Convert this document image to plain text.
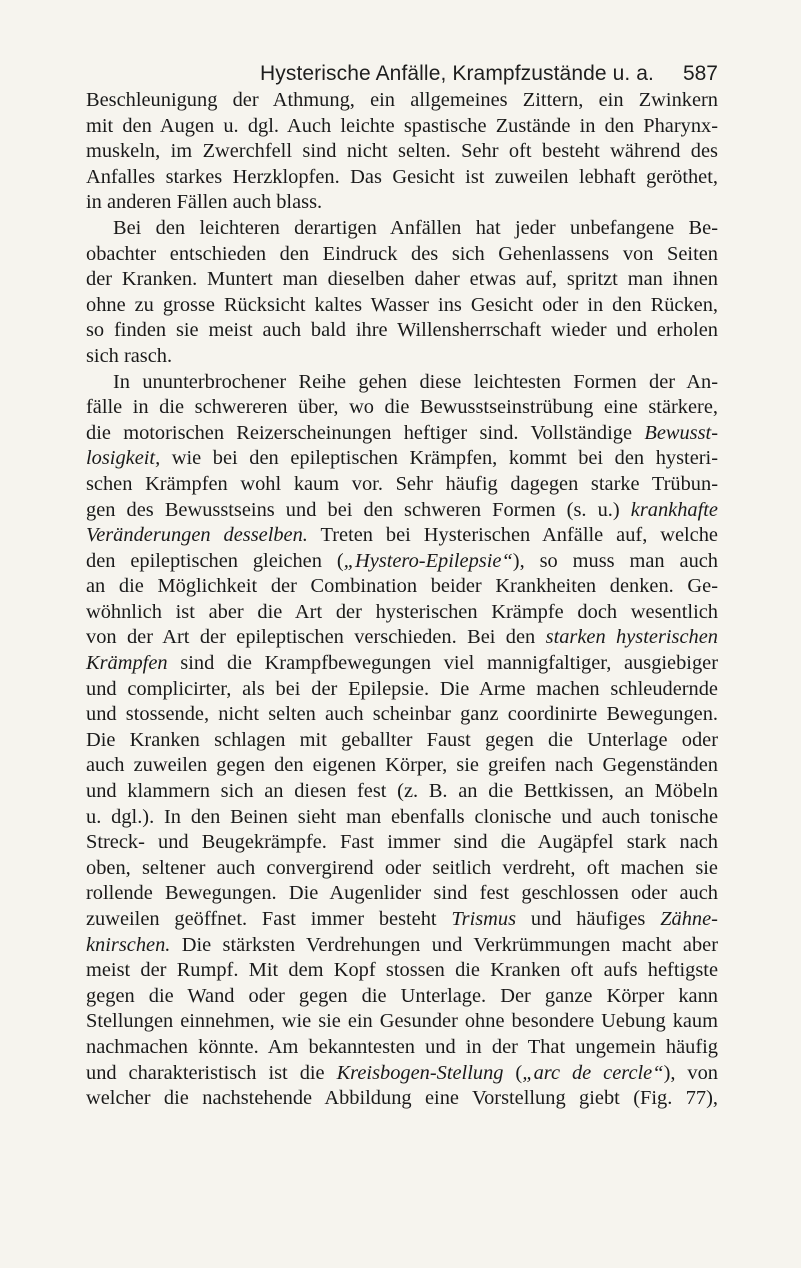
Hysterische Anfälle, Krampfzustände u. a. 587
Beschleunigung der Athmung, ein allgemeines Zittern, ein Zwinkern
mit den Augen u. dgl. Auch leichte spastische Zustände in den Pharynx-
muskeln, im Zwerchfell sind nicht selten. Sehr oft besteht während des
Anfalles starkes Herzklopfen. Das Gesicht ist zuweilen lebhaft geröthet,
in anderen Fällen auch blass.
Bei den leichteren derartigen Anfällen hat jeder unbefangene Be-
obachter entschieden den Eindruck des sich Gehenlassens von Seiten
der Kranken. Muntert man dieselben daher etwas auf, spritzt man ihnen
ohne zu grosse Rücksicht kaltes Wasser ins Gesicht oder in den Rücken,
so finden sie meist auch bald ihre Willensherrschaft wieder und erholen
sich rasch.
In ununterbrochener Reihe gehen diese leichtesten Formen der An-
fälle in die schwereren über, wo die Bewusstseinstrübung eine stärkere,
die motorischen Reizerscheinungen heftiger sind. Vollständige Bewusst-
losigkeit, wie bei den epileptischen Krämpfen, kommt bei den hysteri-
schen Krämpfen wohl kaum vor. Sehr häufig dagegen starke Trübun-
gen des Bewusstseins und bei den schweren Formen (s. u.) krankhafte
Veränderungen desselben. Treten bei Hysterischen Anfälle auf, welche
den epileptischen gleichen („Hystero-Epilepsie“), so muss man auch
an die Möglichkeit der Combination beider Krankheiten denken. Ge-
wöhnlich ist aber die Art der hysterischen Krämpfe doch wesentlich
von der Art der epileptischen verschieden. Bei den starken hysterischen
Krämpfen sind die Krampfbewegungen viel mannigfaltiger, ausgiebiger
und complicirter, als bei der Epilepsie. Die Arme machen schleudernde
und stossende, nicht selten auch scheinbar ganz coordinirte Bewegungen.
Die Kranken schlagen mit geballter Faust gegen die Unterlage oder
auch zuweilen gegen den eigenen Körper, sie greifen nach Gegenständen
und klammern sich an diesen fest (z. B. an die Bettkissen, an Möbeln
u. dgl.). In den Beinen sieht man ebenfalls clonische und auch tonische
Streck- und Beugekrämpfe. Fast immer sind die Augäpfel stark nach
oben, seltener auch convergirend oder seitlich verdreht, oft machen sie
rollende Bewegungen. Die Augenlider sind fest geschlossen oder auch
zuweilen geöffnet. Fast immer besteht Trismus und häufiges Zähne-
knirschen. Die stärksten Verdrehungen und Verkrümmungen macht aber
meist der Rumpf. Mit dem Kopf stossen die Kranken oft aufs heftigste
gegen die Wand oder gegen die Unterlage. Der ganze Körper kann
Stellungen einnehmen, wie sie ein Gesunder ohne besondere Uebung kaum
nachmachen könnte. Am bekanntesten und in der That ungemein häufig
und charakteristisch ist die Kreisbogen-Stellung („arc de cercle“), von
welcher die nachstehende Abbildung eine Vorstellung giebt (Fig. 77),
